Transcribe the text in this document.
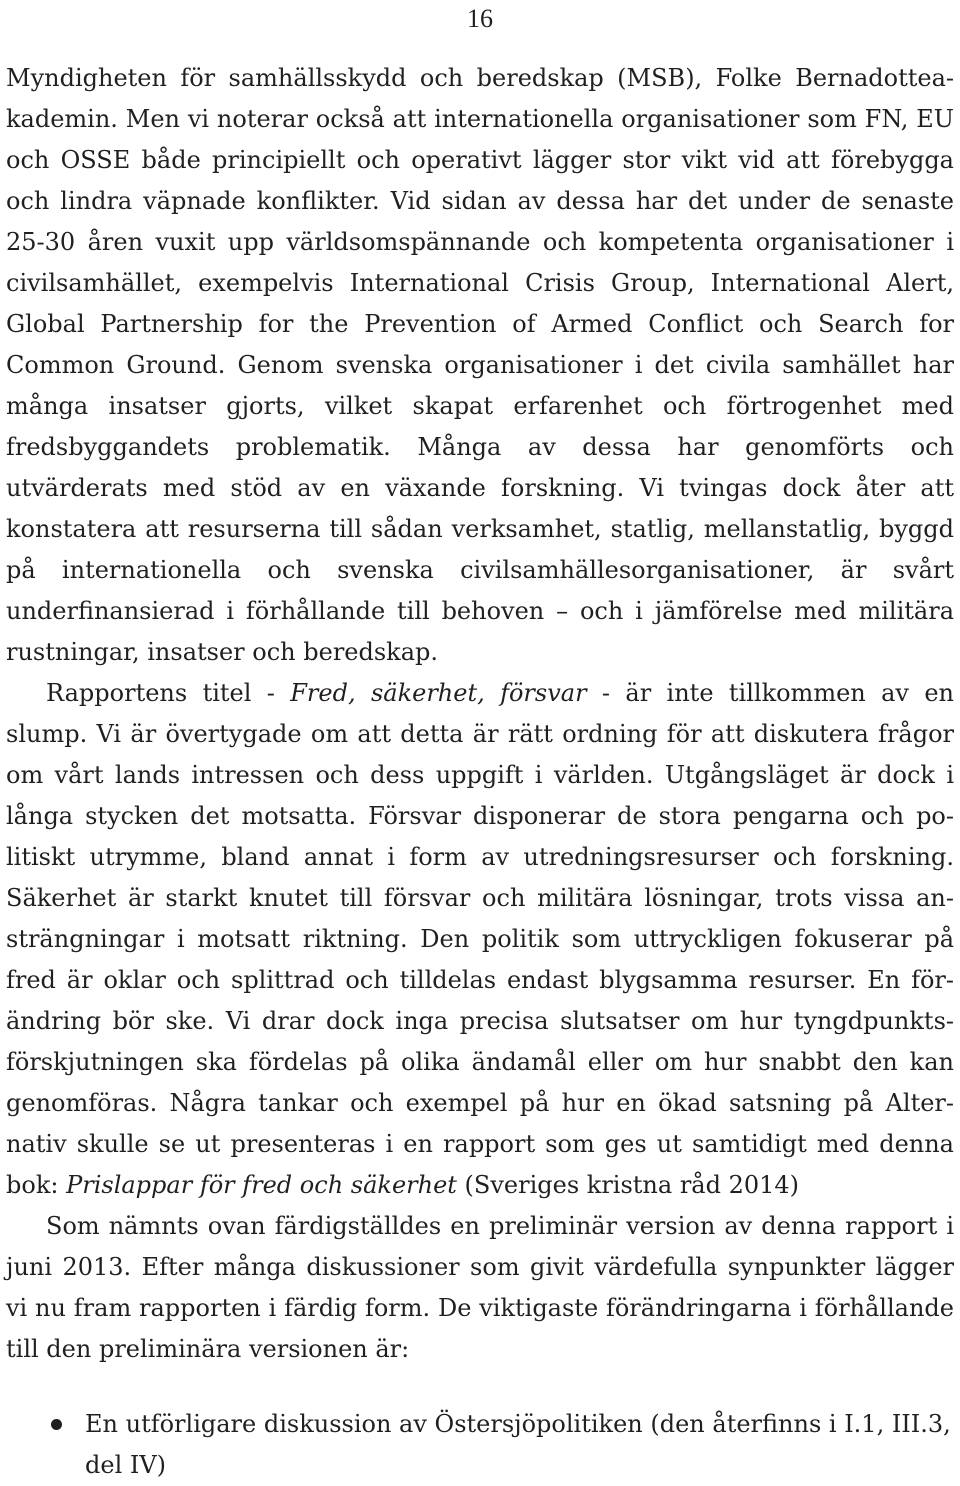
16

Myndigheten för samhällsskydd och beredskap (MSB), Folke Bernadotteakademin. Men vi noterar också att internationella organisationer som FN, EU och OSSE både principiellt och operativt lägger stor vikt vid att förebygga och lindra väpnade konflikter. Vid sidan av dessa har det under de senaste 25-30 åren vuxit upp världsomspännande och kompetenta organisationer i civilsamhället, exempelvis International Crisis Group, International Alert, Global Partnership for the Prevention of Armed Conflict och Search for Common Ground. Genom svenska organisationer i det civila samhället har många insatser gjorts, vilket skapat erfarenhet och förtrogenhet med fredsbyggandets problematik. Många av dessa har genomförts och utvärderats med stöd av en växande forskning. Vi tvingas dock åter att konstatera att resurserna till sådan verksamhet, statlig, mellanstatlig, byggd på internationella och svenska civilsamhällesorganisationer, är svårt underfinansierad i förhållande till behoven – och i jämförelse med militära rustningar, insatser och beredskap.

Rapportens titel - Fred, säkerhet, försvar - är inte tillkommen av en slump. Vi är övertygade om att detta är rätt ordning för att diskutera frågor om vårt lands intressen och dess uppgift i världen. Utgångsläget är dock i långa stycken det motsatta. Försvar disponerar de stora pengarna och politiskt utrymme, bland annat i form av utredningsresurser och forskning. Säkerhet är starkt knutet till försvar och militära lösningar, trots vissa ansträngningar i motsatt riktning. Den politik som uttryckligen fokuserar på fred är oklar och splittrad och tilldelas endast blygsamma resurser. En förändring bör ske. Vi drar dock inga precisa slutsatser om hur tyngdpunktsförskjutningen ska fördelas på olika ändamål eller om hur snabbt den kan genomföras. Några tankar och exempel på hur en ökad satsning på Alternativ skulle se ut presenteras i en rapport som ges ut samtidigt med denna bok: Prislappar för fred och säkerhet (Sveriges kristna råd 2014)

Som nämnts ovan färdigställdes en preliminär version av denna rapport i juni 2013. Efter många diskussioner som givit värdefulla synpunkter lägger vi nu fram rapporten i färdig form. De viktigaste förändringarna i förhållande till den preliminära versionen är:

En utförligare diskussion av Östersjöpolitiken (den återfinns i I.1, III.3, del IV)
